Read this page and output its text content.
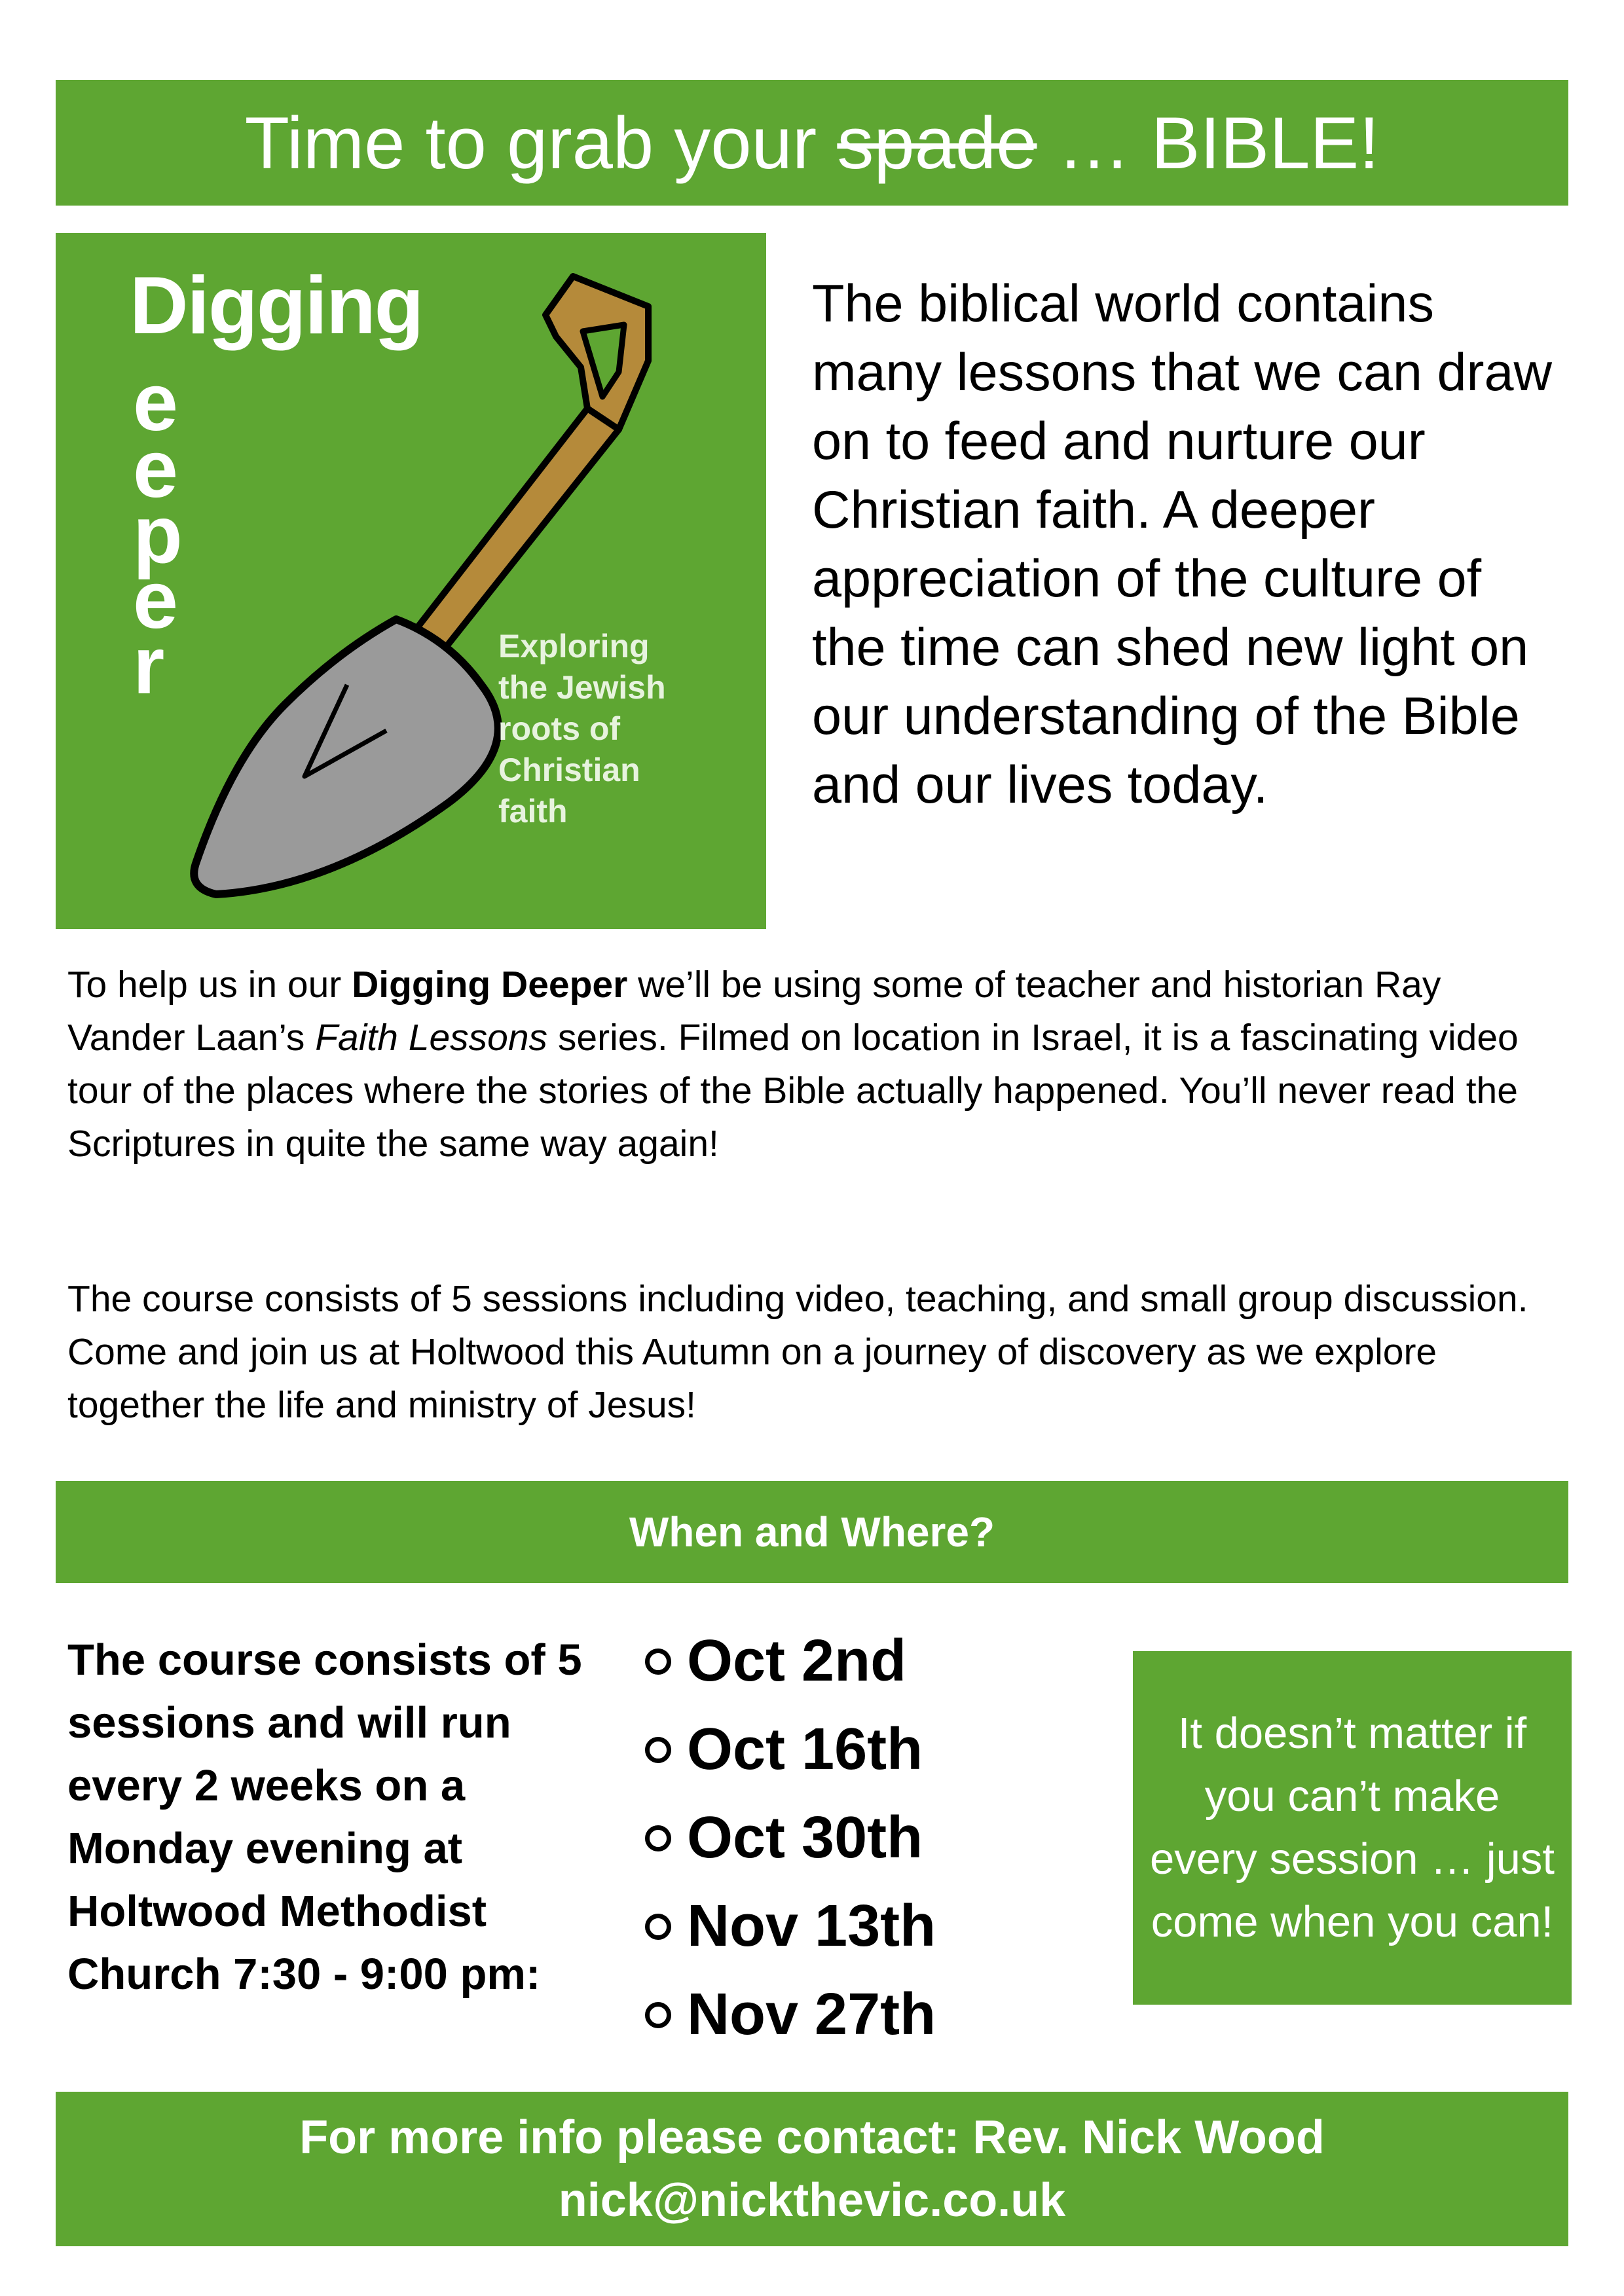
Time to grab your
spade
… BIBLE!
Digging
e
e
p
e
r	Exploring
the Jewish
roots of
Christian
faith
The biblical world contains many lessons that we can draw on to feed and nurture our Christian faith. A deeper appreciation of the culture of the time can shed new light on our understanding of the Bible and our lives today.
To help us in our Digging Deeper we’ll be using some of teacher and historian Ray Vander Laan’s Faith Lessons series. Filmed on location in Israel, it is a fascinating video tour of the places where the stories of the Bible actually happened. You’ll never read the Scriptures in quite the same way again!
The course consists of 5 sessions including video, teaching, and small group discussion. Come and join us at Holtwood this Autumn on a journey of discovery as we explore together the life and ministry of Jesus!
When and Where?
The course consists of 5 sessions and will run every 2 weeks on a Monday evening at Holtwood Methodist Church 7:30 - 9:00 pm:
Oct 2nd
Oct 16th
Oct 30th
Nov 13th
Nov 27th
It doesn’t matter if you can’t make every session … just come when you can!
For more info please contact: Rev. Nick Wood
nick@nickthevic.co.uk
